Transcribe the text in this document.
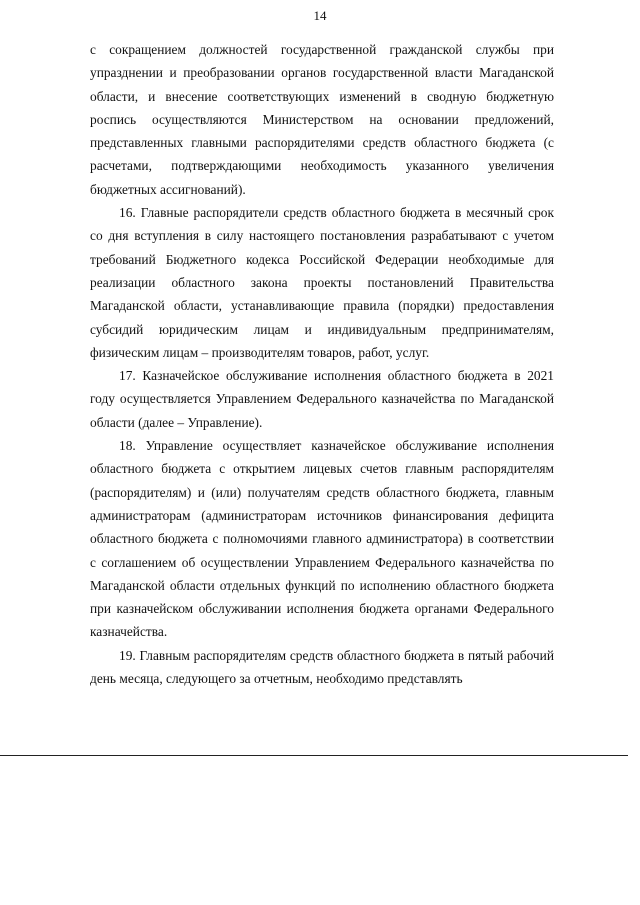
14

с сокращением должностей государственной гражданской службы при упразднении и преобразовании органов государственной власти Магаданской области, и внесение соответствующих изменений в сводную бюджетную роспись осуществляются Министерством на основании предложений, представленных главными распорядителями средств областного бюджета (с расчетами, подтверждающими необходимость указанного увеличения бюджетных ассигнований).

16. Главные распорядители средств областного бюджета в месячный срок со дня вступления в силу настоящего постановления разрабатывают с учетом требований Бюджетного кодекса Российской Федерации необходимые для реализации областного закона проекты постановлений Правительства Магаданской области, устанавливающие правила (порядки) предоставления субсидий юридическим лицам и индивидуальным предпринимателям, физическим лицам – производителям товаров, работ, услуг.

17. Казначейское обслуживание исполнения областного бюджета в 2021 году осуществляется Управлением Федерального казначейства по Магаданской области (далее – Управление).

18. Управление осуществляет казначейское обслуживание исполнения областного бюджета с открытием лицевых счетов главным распорядителям (распорядителям) и (или) получателям средств областного бюджета, главным администраторам (администраторам источников финансирования дефицита областного бюджета с полномочиями главного администратора) в соответствии с соглашением об осуществлении Управлением Федерального казначейства по Магаданской области отдельных функций по исполнению областного бюджета при казначейском обслуживании исполнения бюджета органами Федерального казначейства.

19. Главным распорядителям средств областного бюджета в пятый рабочий день месяца, следующего за отчетным, необходимо представлять
